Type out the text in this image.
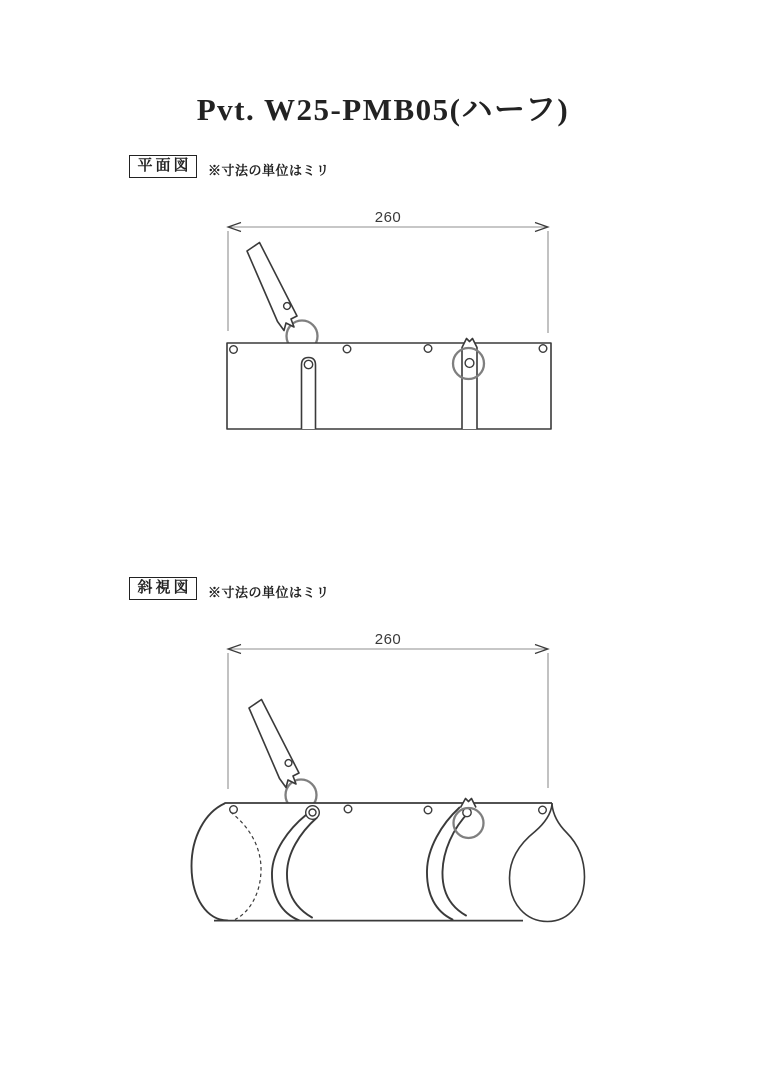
Pvt. W25-PMB05(ハーフ)
平面図	※寸法の単位はミリ
斜視図	※寸法の単位はミリ
260
260
